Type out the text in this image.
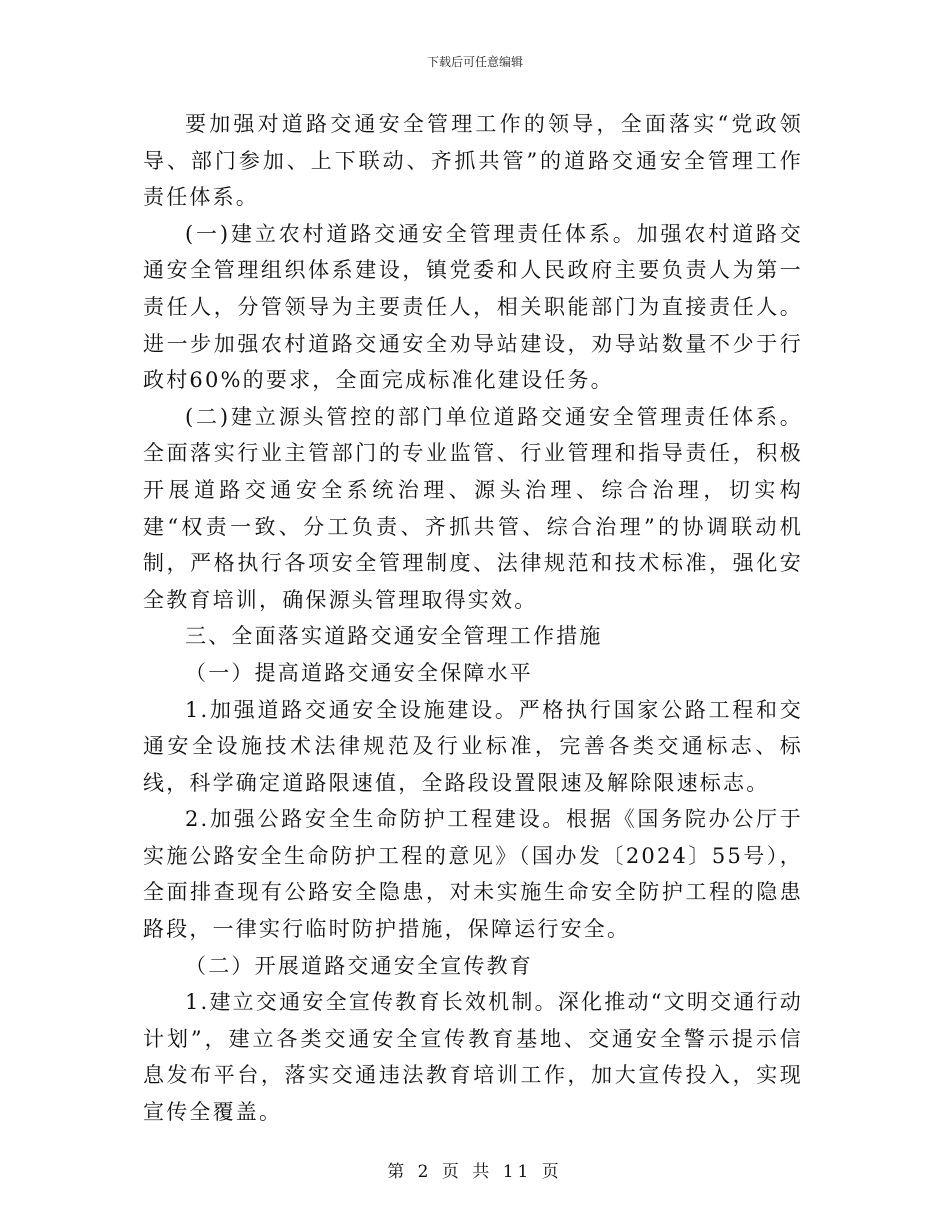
下载后可任意编辑

要加强对道路交通安全管理工作的领导，全面落实“党政领导、部门参加、上下联动、齐抓共管”的道路交通安全管理工作责任体系。

(一)建立农村道路交通安全管理责任体系。加强农村道路交通安全管理组织体系建设，镇党委和人民政府主要负责人为第一责任人，分管领导为主要责任人，相关职能部门为直接责任人。进一步加强农村道路交通安全劝导站建设，劝导站数量不少于行政村60%的要求，全面完成标准化建设任务。

(二)建立源头管控的部门单位道路交通安全管理责任体系。全面落实行业主管部门的专业监管、行业管理和指导责任，积极开展道路交通安全系统治理、源头治理、综合治理，切实构建“权责一致、分工负责、齐抓共管、综合治理”的协调联动机制，严格执行各项安全管理制度、法律规范和技术标准，强化安全教育培训，确保源头管理取得实效。

三、全面落实道路交通安全管理工作措施

（一）提高道路交通安全保障水平

1.加强道路交通安全设施建设。严格执行国家公路工程和交通安全设施技术法律规范及行业标准，完善各类交通标志、标线，科学确定道路限速值，全路段设置限速及解除限速标志。

2.加强公路安全生命防护工程建设。根据《国务院办公厅于实施公路安全生命防护工程的意见》（国办发〔2024〕55号），全面排查现有公路安全隐患，对未实施生命安全防护工程的隐患路段，一律实行临时防护措施，保障运行安全。

（二）开展道路交通安全宣传教育

1.建立交通安全宣传教育长效机制。深化推动“文明交通行动计划”，建立各类交通安全宣传教育基地、交通安全警示提示信息发布平台，落实交通违法教育培训工作，加大宣传投入，实现宣传全覆盖。

第 2 页 共 11 页
